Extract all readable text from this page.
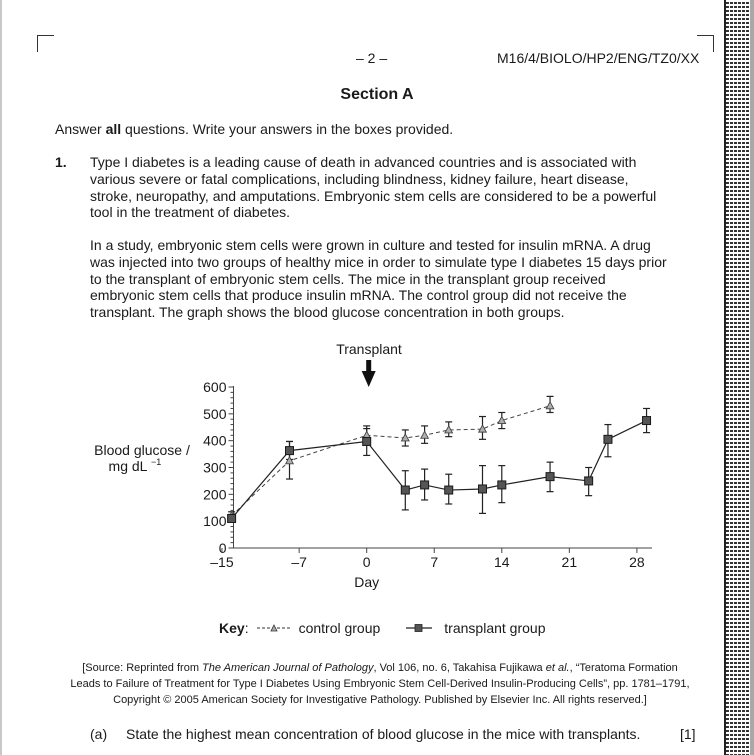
– 2 –	M16/4/BIOLO/HP2/ENG/TZ0/XX
Section A
Answer all questions. Write your answers in the boxes provided.
1. Type I diabetes is a leading cause of death in advanced countries and is associated with various severe or fatal complications, including blindness, kidney failure, heart disease, stroke, neuropathy, and amputations. Embryonic stem cells are considered to be a powerful tool in the treatment of diabetes.
In a study, embryonic stem cells were grown in culture and tested for insulin mRNA. A drug was injected into two groups of healthy mice in order to simulate type I diabetes 15 days prior to the transplant of embryonic stem cells. The mice in the transplant group received embryonic stem cells that produce insulin mRNA. The control group did not receive the transplant. The graph shows the blood glucose concentration in both groups.
0
100
200
300
400
500
600
–15	–7	0	7	14	21	28
Day
Blood glucose /
mg dL −1
Transplant
Key :	control group	transplant group
[Source: Reprinted from The American Journal of Pathology, Vol 106, no. 6, Takahisa Fujikawa et al., “Teratoma Formation
Leads to Failure of Treatment for Type I Diabetes Using Embryonic Stem Cell-Derived Insulin-Producing Cells”, pp. 1781–1791,
Copyright © 2005 American Society for Investigative Pathology. Published by Elsevier Inc. All rights reserved.]
(a) State the highest mean concentration of blood glucose in the mice with transplants.	[1]
